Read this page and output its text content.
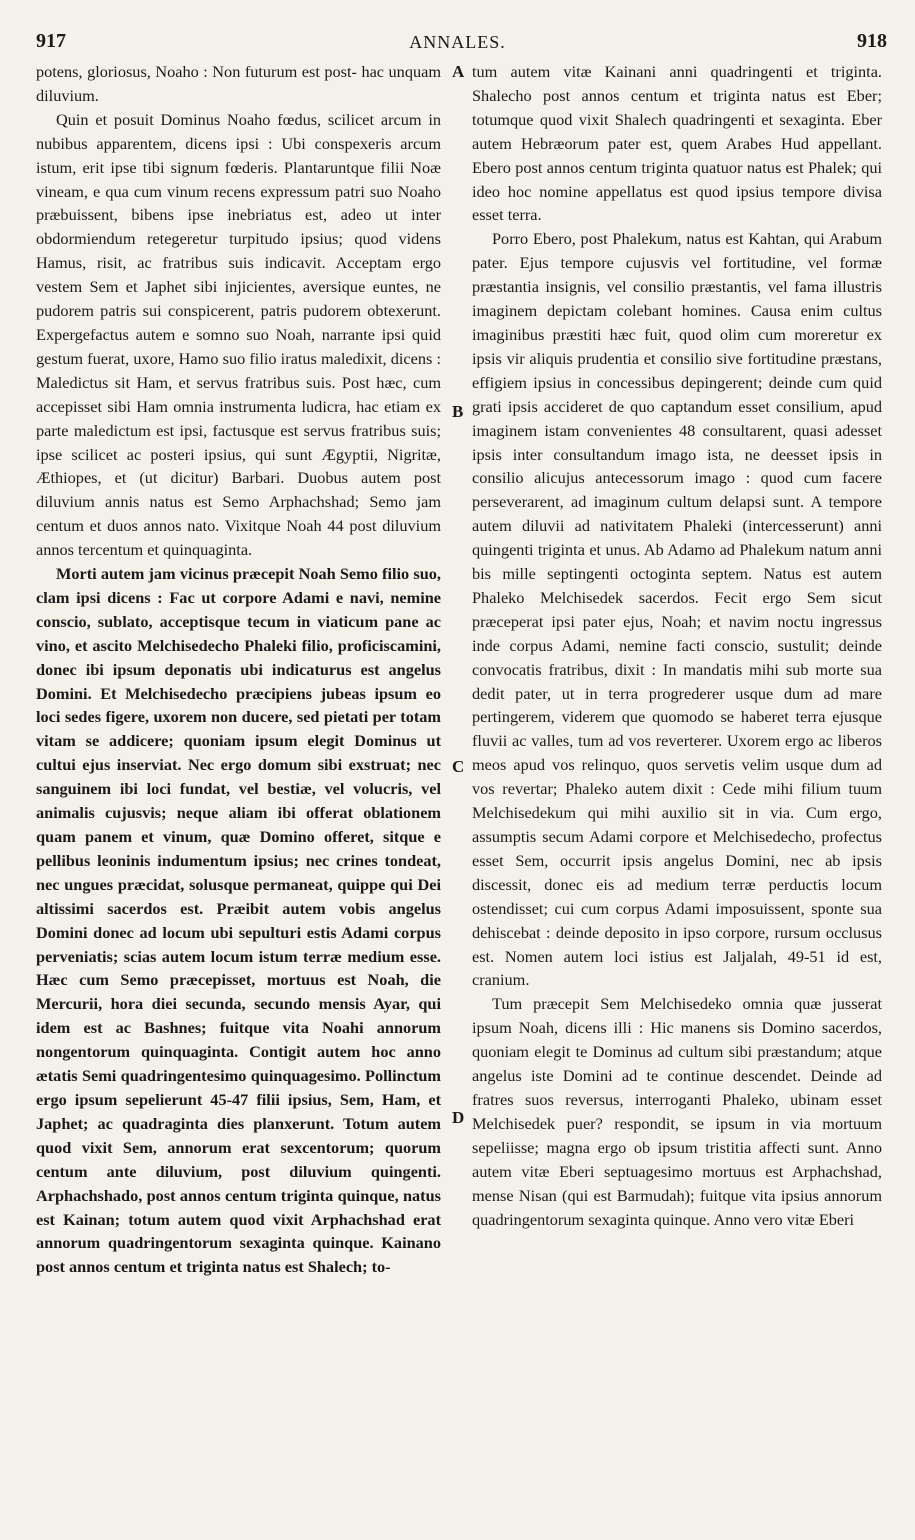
917	ANNALES.	918

potens, gloriosus, Noaho : Non futurum est post- hac unquam diluvium.

Quin et posuit Dominus Noaho fœdus, scilicet arcum in nubibus apparentem, dicens ipsi : Ubi conspexeris arcum istum, erit ipse tibi signum fœderis. Plantaruntque filii Noæ vineam, e qua cum vinum recens expressum patri suo Noaho præbuissent, bibens ipse inebriatus est, adeo ut inter obdormiendum retegeretur turpitudo ipsius; quod videns Hamus, risit, ac fratribus suis indicavit. Acceptam ergo vestem Sem et Japhet sibi injicientes, aversique euntes, ne pudorem patris sui conspicerent, patris pudorem obtexerunt. Expergefactus autem e somno suo Noah, narrante ipsi quid gestum fuerat, uxore, Hamo suo filio iratus maledixit, dicens : Maledictus sit Ham, et servus fratribus suis. Post hæc, cum accepisset sibi Ham omnia instrumenta ludicra, hac etiam ex parte maledictum est ipsi, factusque est servus fratribus suis; ipse scilicet ac posteri ipsius, qui sunt Ægyptii, Nigritæ, Æthiopes, et (ut dicitur) Barbari. Duobus autem post diluvium annis natus est Semo Arphachshad; Semo jam centum et duos annos nato. Vixitque Noah 44 post diluvium annos tercentum et quinquaginta.

Morti autem jam vicinus præcepit Noah Semo filio suo, clam ipsi dicens : Fac ut corpore Adami e navi, nemine conscio, sublato, acceptisque tecum in viaticum pane ac vino, et ascito Melchisedecho Phaleki filio, proficiscamini, donec ibi ipsum deponatis ubi indicaturus est angelus Domini. Et Melchisedecho præcipiens jubeas ipsum eo loci sedes figere, uxorem non ducere, sed pietati per totam vitam se addicere; quoniam ipsum elegit Dominus ut cultui ejus inserviat. Nec ergo domum sibi exstruat; nec sanguinem ibi loci fundat, vel bestiæ, vel volucris, vel animalis cujusvis; neque aliam ibi offerat oblationem quam panem et vinum, quæ Domino offeret, sitque e pellibus leoninis indumentum ipsius; nec crines tondeat, nec ungues præcidat, solusque permaneat, quippe qui Dei altissimi sacerdos est. Præibit autem vobis angelus Domini donec ad locum ubi sepulturi estis Adami corpus perveniatis; scias autem locum istum terræ medium esse. Hæc cum Semo præcepisset, mortuus est Noah, die Mercurii, hora diei secunda, secundo mensis Ayar, qui idem est ac Bashnes; fuitque vita Noahi annorum nongentorum quinquaginta. Contigit autem hoc anno ætatis Semi quadringentesimo quinquagesimo. Pollinctum ergo ipsum sepelierunt 45-47 filii ipsius, Sem, Ham, et Japhet; ac quadraginta dies planxerunt. Totum autem quod vixit Sem, annorum erat sexcentorum; quorum centum ante diluvium, post diluvium quingenti. Arphachshado, post annos centum triginta quinque, natus est Kainan; totum autem quod vixit Arphachshad erat annorum quadringentorum sexaginta quinque. Kainano post annos centum et triginta natus est Shalech; to-

A
B
C
D

tum autem vitæ Kainani anni quadringenti et triginta. Shalecho post annos centum et triginta natus est Eber; totumque quod vixit Shalech quadringenti et sexaginta. Eber autem Hebræorum pater est, quem Arabes Hud appellant. Ebero post annos centum triginta quatuor natus est Phalek; qui ideo hoc nomine appellatus est quod ipsius tempore divisa esset terra.

Porro Ebero, post Phalekum, natus est Kahtan, qui Arabum pater. Ejus tempore cujusvis vel fortitudine, vel formæ præstantia insignis, vel consilio præstantis, vel fama illustris imaginem depictam colebant homines. Causa enim cultus imaginibus præstiti hæc fuit, quod olim cum moreretur ex ipsis vir aliquis prudentia et consilio sive fortitudine præstans, effigiem ipsius in concessibus depingerent; deinde cum quid grati ipsis accideret de quo captandum esset consilium, apud imaginem istam convenientes 48 consultarent, quasi adesset ipsis inter consultandum imago ista, ne deesset ipsis in consilio alicujus antecessorum imago : quod cum facere perseverarent, ad imaginum cultum delapsi sunt. A tempore autem diluvii ad nativitatem Phaleki (intercesserunt) anni quingenti triginta et unus. Ab Adamo ad Phalekum natum anni bis mille septingenti octoginta septem. Natus est autem Phaleko Melchisedek sacerdos. Fecit ergo Sem sicut præceperat ipsi pater ejus, Noah; et navim noctu ingressus inde corpus Adami, nemine facti conscio, sustulit; deinde convocatis fratribus, dixit : In mandatis mihi sub morte sua dedit pater, ut in terra progrederer usque dum ad mare pertingerem, viderem que quomodo se haberet terra ejusque fluvii ac valles, tum ad vos reverterer. Uxorem ergo ac liberos meos apud vos relinquo, quos servetis velim usque dum ad vos revertar; Phaleko autem dixit : Cede mihi filium tuum Melchisedekum qui mihi auxilio sit in via. Cum ergo, assumptis secum Adami corpore et Melchisedecho, profectus esset Sem, occurrit ipsis angelus Domini, nec ab ipsis discessit, donec eis ad medium terræ perductis locum ostendisset; cui cum corpus Adami imposuissent, sponte sua dehiscebat : deinde deposito in ipso corpore, rursum occlusus est. Nomen autem loci istius est Jaljalah, 49-51 id est, cranium.

Tum præcepit Sem Melchisedeko omnia quæ jusserat ipsum Noah, dicens illi : Hic manens sis Domino sacerdos, quoniam elegit te Dominus ad cultum sibi præstandum; atque angelus iste Domini ad te continue descendet. Deinde ad fratres suos reversus, interroganti Phaleko, ubinam esset Melchisedek puer? respondit, se ipsum in via mortuum sepeliisse; magna ergo ob ipsum tristitia affecti sunt. Anno autem vitæ Eberi septuagesimo mortuus est Arphachshad, mense Nisan (qui est Barmudah); fuitque vita ipsius annorum quadringentorum sexaginta quinque. Anno vero vitæ Eberi
